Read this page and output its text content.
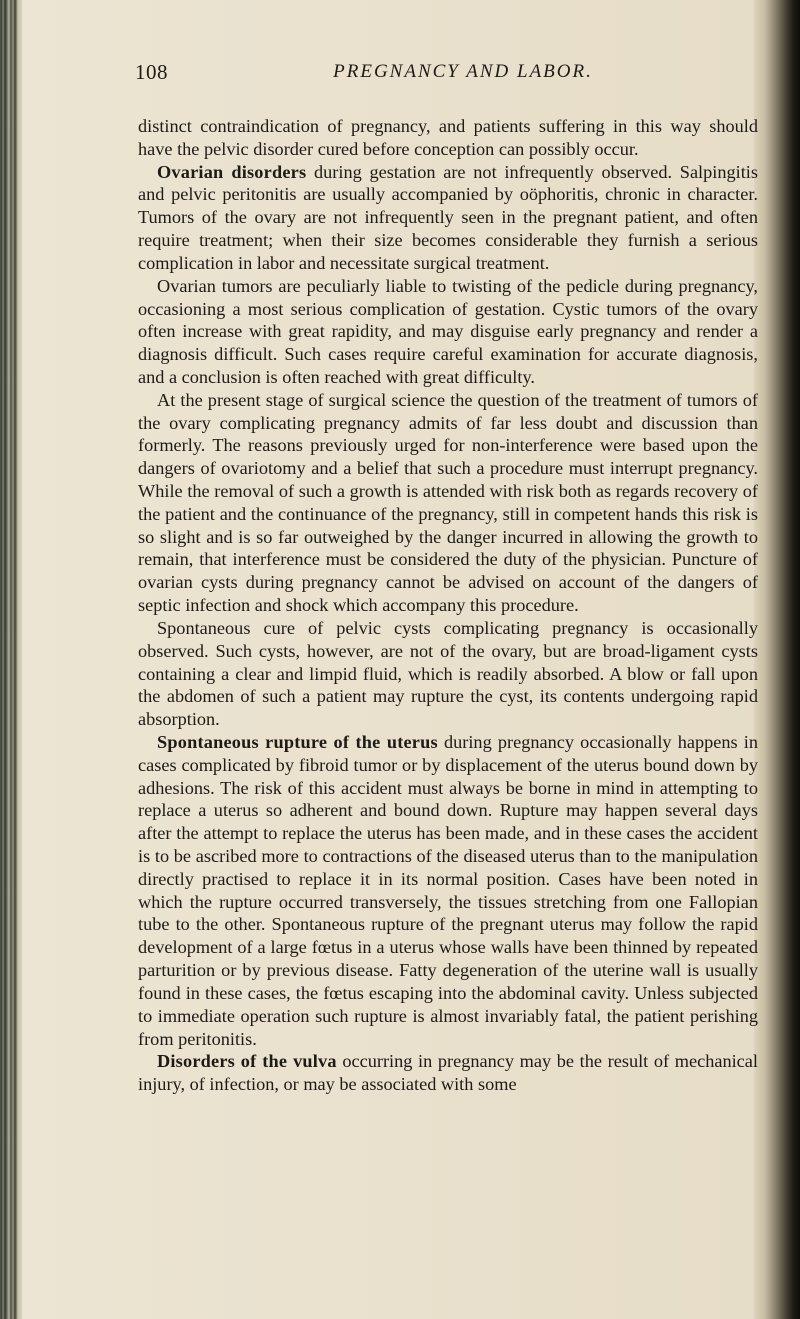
108	PREGNANCY AND LABOR.

distinct contraindication of pregnancy, and patients suffering in this way should have the pelvic disorder cured before conception can possibly occur.

Ovarian disorders during gestation are not infrequently observed. Salpingitis and pelvic peritonitis are usually accompanied by oöphoritis, chronic in character. Tumors of the ovary are not infrequently seen in the pregnant patient, and often require treatment; when their size becomes considerable they furnish a serious complication in labor and necessitate surgical treatment.

Ovarian tumors are peculiarly liable to twisting of the pedicle during pregnancy, occasioning a most serious complication of gestation. Cystic tumors of the ovary often increase with great rapidity, and may disguise early pregnancy and render a diagnosis difficult. Such cases require careful examination for accurate diagnosis, and a conclusion is often reached with great difficulty.

At the present stage of surgical science the question of the treatment of tumors of the ovary complicating pregnancy admits of far less doubt and discussion than formerly. The reasons previously urged for non-interference were based upon the dangers of ovariotomy and a belief that such a procedure must interrupt pregnancy. While the removal of such a growth is attended with risk both as regards recovery of the patient and the continuance of the pregnancy, still in competent hands this risk is so slight and is so far outweighed by the danger incurred in allowing the growth to remain, that interference must be considered the duty of the physician. Puncture of ovarian cysts during pregnancy cannot be advised on account of the dangers of septic infection and shock which accompany this procedure.

Spontaneous cure of pelvic cysts complicating pregnancy is occasionally observed. Such cysts, however, are not of the ovary, but are broad-ligament cysts containing a clear and limpid fluid, which is readily absorbed. A blow or fall upon the abdomen of such a patient may rupture the cyst, its contents undergoing rapid absorption.

Spontaneous rupture of the uterus during pregnancy occasionally happens in cases complicated by fibroid tumor or by displacement of the uterus bound down by adhesions. The risk of this accident must always be borne in mind in attempting to replace a uterus so adherent and bound down. Rupture may happen several days after the attempt to replace the uterus has been made, and in these cases the accident is to be ascribed more to contractions of the diseased uterus than to the manipulation directly practised to replace it in its normal position. Cases have been noted in which the rupture occurred transversely, the tissues stretching from one Fallopian tube to the other. Spontaneous rupture of the pregnant uterus may follow the rapid development of a large fœtus in a uterus whose walls have been thinned by repeated parturition or by previous disease. Fatty degeneration of the uterine wall is usually found in these cases, the fœtus escaping into the abdominal cavity. Unless subjected to immediate operation such rupture is almost invariably fatal, the patient perishing from peritonitis.

Disorders of the vulva occurring in pregnancy may be the result of mechanical injury, of infection, or may be associated with some
